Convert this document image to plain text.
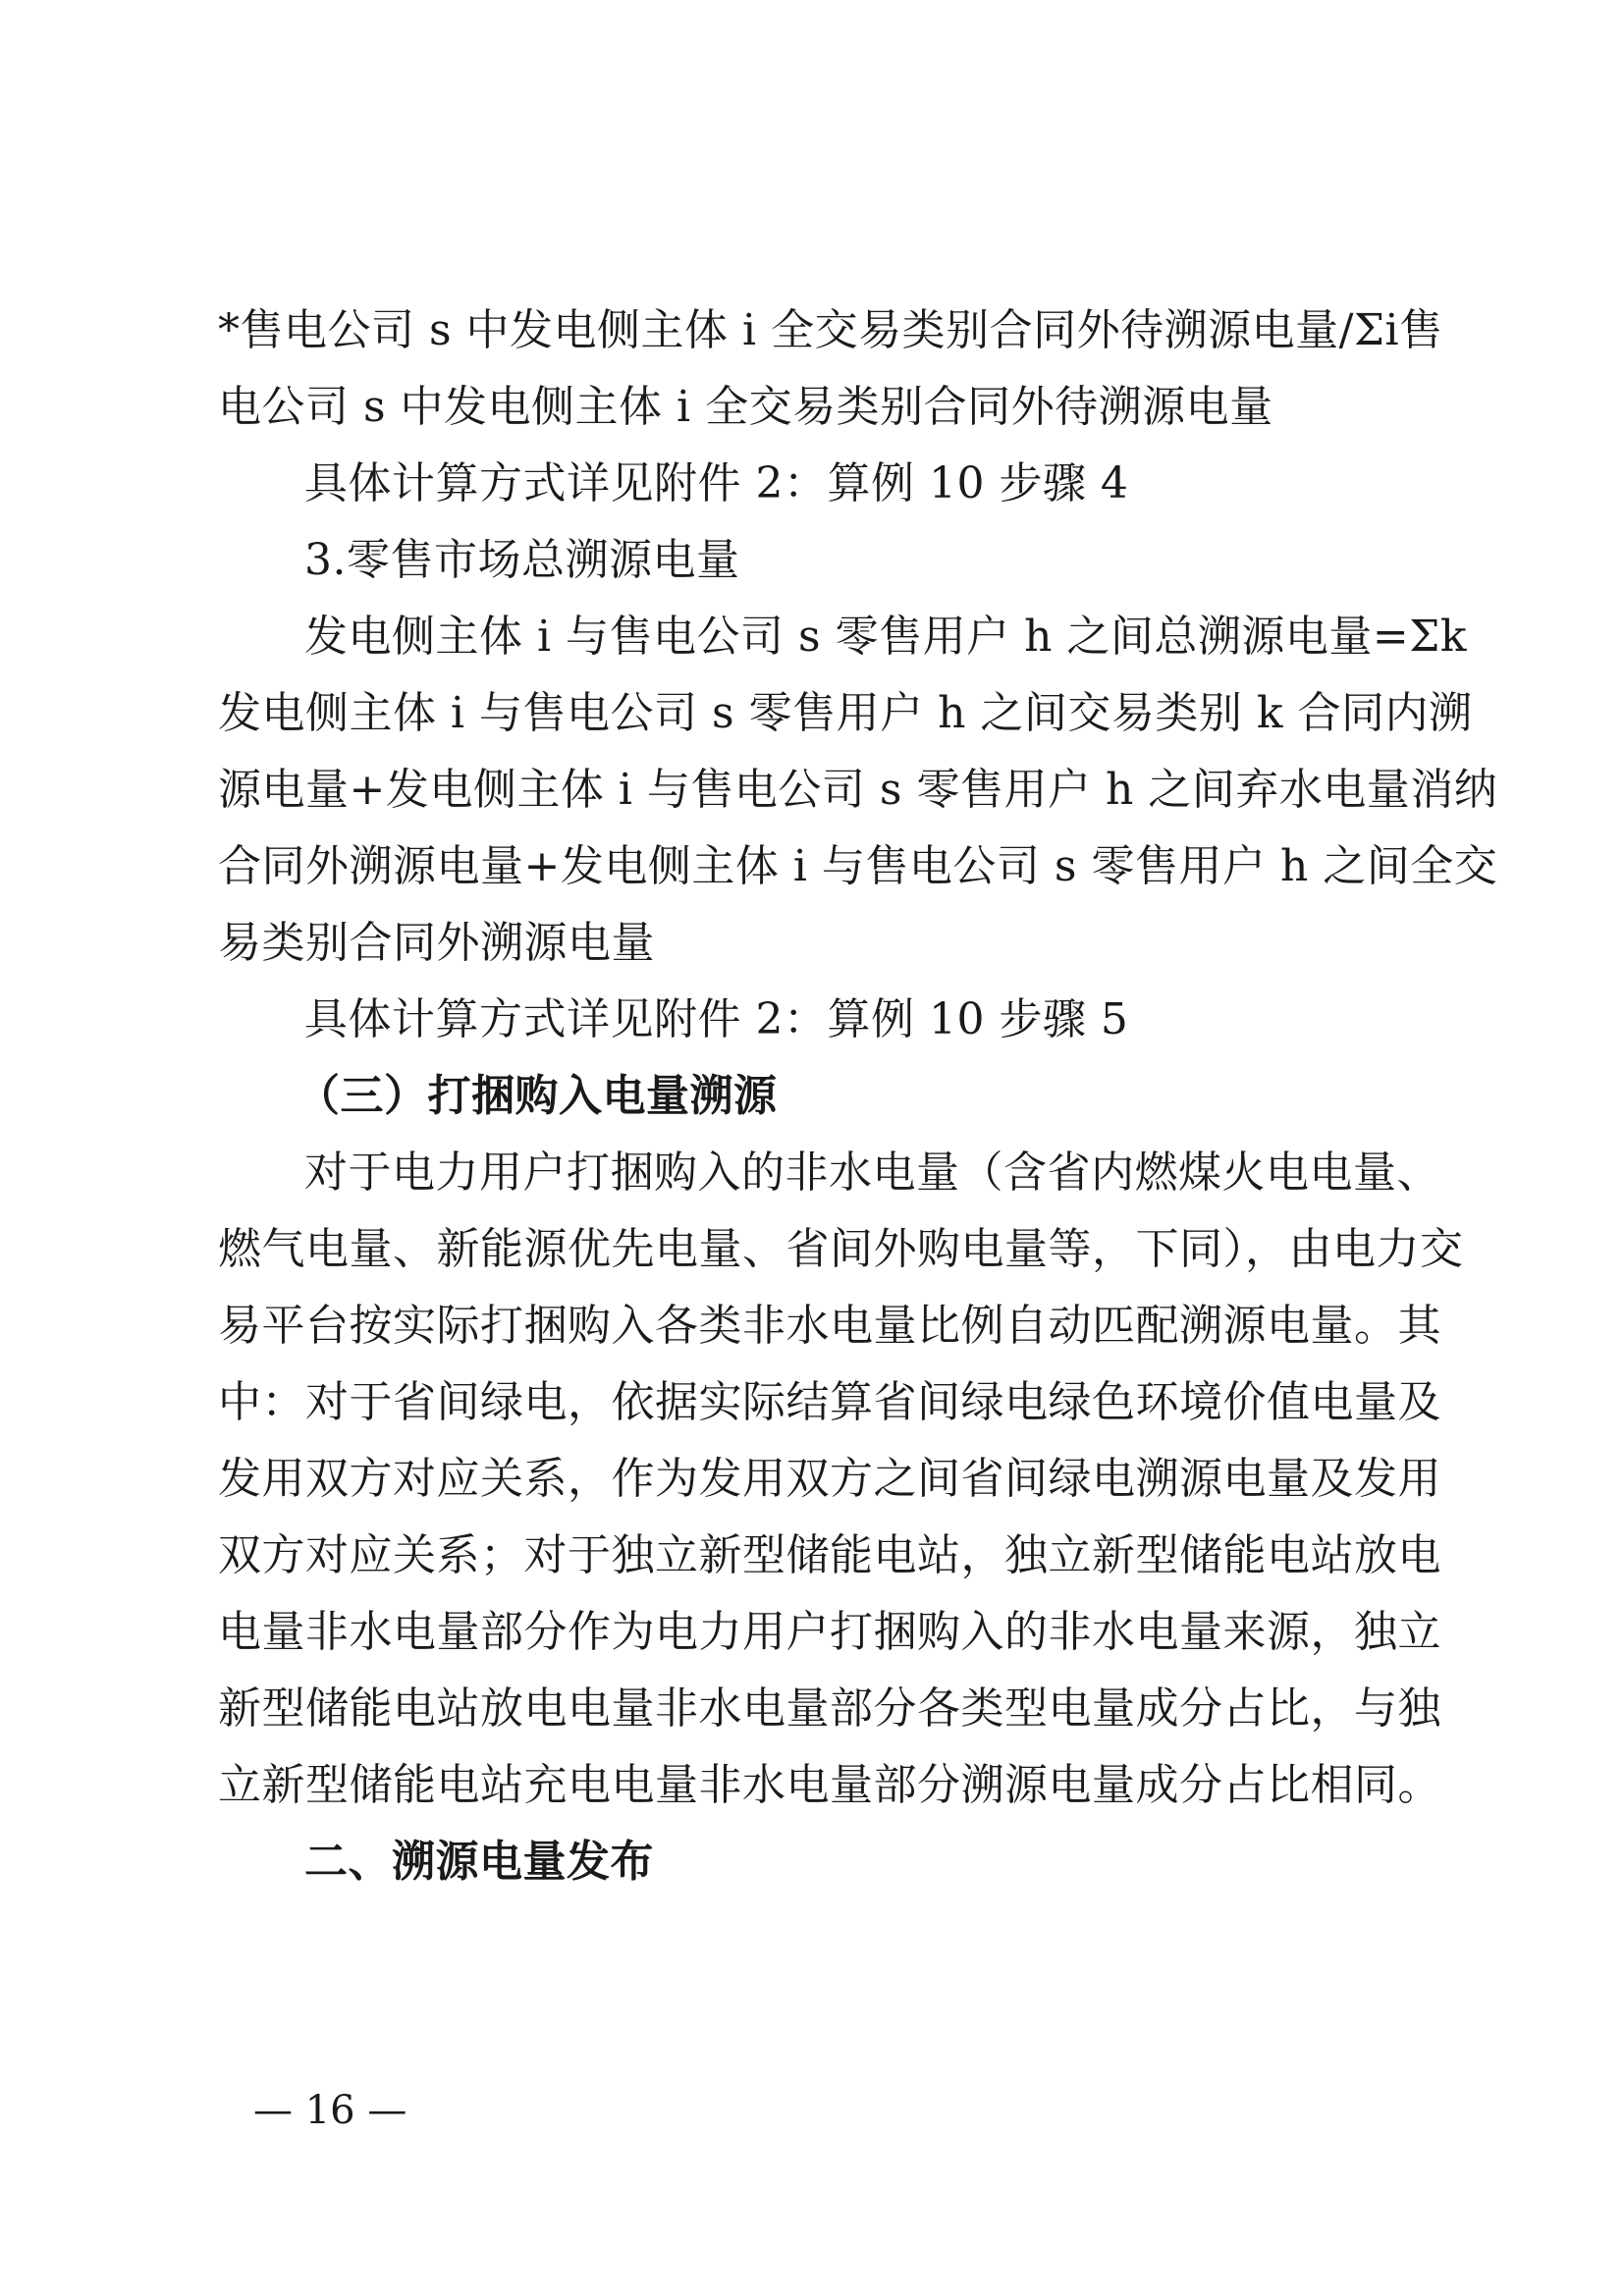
*售电公司 s 中发电侧主体 i 全交易类别合同外待溯源电量/Σi售
电公司 s 中发电侧主体 i 全交易类别合同外待溯源电量
具体计算方式详见附件 2：算例 10 步骤 4
3.零售市场总溯源电量
发电侧主体 i 与售电公司 s 零售用户 h 之间总溯源电量=Σk
发电侧主体 i 与售电公司 s 零售用户 h 之间交易类别 k 合同内溯
源电量+发电侧主体 i 与售电公司 s 零售用户 h 之间弃水电量消纳
合同外溯源电量+发电侧主体 i 与售电公司 s 零售用户 h 之间全交
易类别合同外溯源电量
具体计算方式详见附件 2：算例 10 步骤 5
（三）打捆购入电量溯源
对于电力用户打捆购入的非水电量（含省内燃煤火电电量、
燃气电量、新能源优先电量、省间外购电量等，下同），由电力交
易平台按实际打捆购入各类非水电量比例自动匹配溯源电量。其
中：对于省间绿电，依据实际结算省间绿电绿色环境价值电量及
发用双方对应关系，作为发用双方之间省间绿电溯源电量及发用
双方对应关系；对于独立新型储能电站，独立新型储能电站放电
电量非水电量部分作为电力用户打捆购入的非水电量来源，独立
新型储能电站放电电量非水电量部分各类型电量成分占比，与独
立新型储能电站充电电量非水电量部分溯源电量成分占比相同。
二、溯源电量发布
— 16 —
